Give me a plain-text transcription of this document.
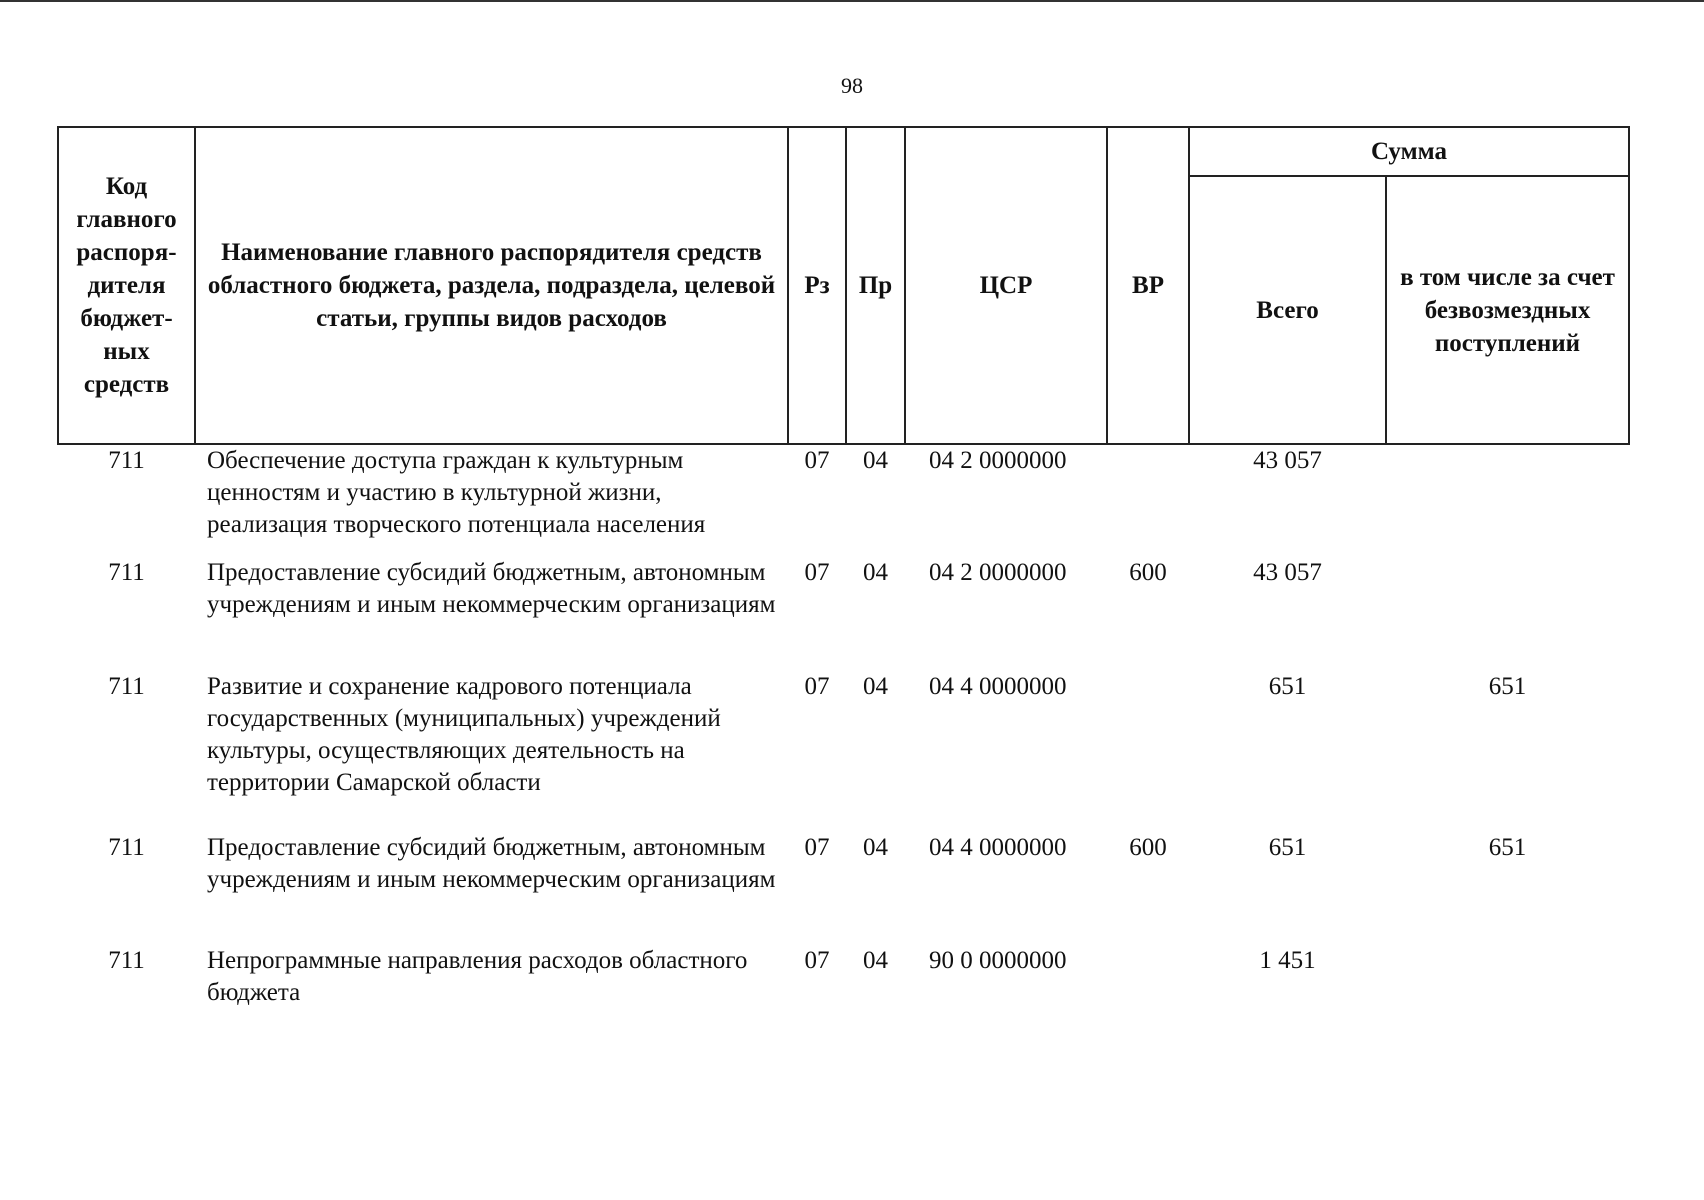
98
Код главного распоря-дителя бюджет-ных средств	Наименование главного распорядителя средств областного бюджета, раздела, подраздела, целевой статьи, группы видов расходов	Рз	Пр	ЦСР	ВР	Сумма	
						Всего	в том числе за счет безвозмездных поступлений
711	Обеспечение доступа граждан к культурным ценностям и участию в культурной жизни, реализация творческого потенциала населения	07	04	04 2 0000000		43 057	
711	Предоставление субсидий бюджетным, автономным учреждениям и иным некоммерческим организациям	07	04	04 2 0000000	600	43 057	
711	Развитие и сохранение кадрового потенциала государственных (муниципальных) учреждений культуры, осуществляющих деятельность на территории Самарской области	07	04	04 4 0000000		651	651
711	Предоставление субсидий бюджетным, автономным учреждениям и иным некоммерческим организациям	07	04	04 4 0000000	600	651	651
711	Непрограммные направления расходов областного бюджета	07	04	90 0 0000000		1 451	
